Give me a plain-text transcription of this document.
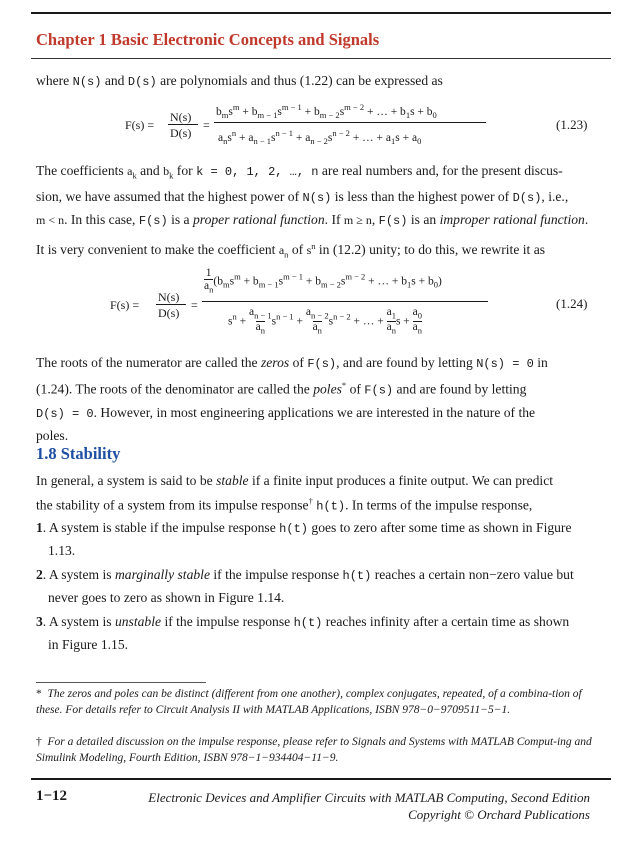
Chapter 1 Basic Electronic Concepts and Signals
where N(s) and D(s) are polynomials and thus (1.22) can be expressed as
F(s) =
N(s)
D(s)
=
$b_ms^m + b_{m - 1}s^{m - 1} + b_{m - 2}s^{m - 2}$ + … + $b_1s + b_0$
$a_ns^n + a_{n - 1}s^{n - 1} + a_{n - 2}s^{n - 2}$ + … + $a_1s + a_0$
(1.23)
The coefficients $a_k$ and $b_k$ for k = 0, 1, 2, …, n are real numbers and, for the present discus-
sion, we have assumed that the highest power of N(s) is less than the highest power of D(s), i.e.,
m < n. In this case, F(s) is a proper rational function. If m ≥ n, F(s) is an improper rational function.
It is very convenient to make the coefficient $a_n$ of $s^n$ in (12.2) unity; to do this, we rewrite it as
F(s) =
N(s)
D(s)
=
1
$a_n(b_ms^m + b_{m - 1}s^{m - 1} + b_{m - 2}s^{m - 2}$ + … + $b_1s + b_0$)
$s^n + a_{n - 1}$
$a_ns^{n - 1} + a_{n - 2}$
$a_ns^{n - 2}$ + … + $a_1$
$a_ns + a_0$
$a_n$
(1.24)
The roots of the numerator are called the zeros of F(s), and are found by letting N(s) = 0 in
(1.24). The roots of the denominator are called the poles* of F(s) and are found by letting
D(s) = 0. However, in most engineering applications we are interested in the nature of the
poles.
1.8 Stability
In general, a system is said to be stable if a finite input produces a finite output. We can predict
the stability of a system from its impulse response† h(t). In terms of the impulse response,
1. A system is stable if the impulse response h(t) goes to zero after some time as shown in Figure
1.13.
2. A system is marginally stable if the impulse response h(t) reaches a certain non−zero value but
never goes to zero as shown in Figure 1.14.
3. A system is unstable if the impulse response h(t) reaches infinity after a certain time as shown
in Figure 1.15.
* The zeros and poles can be distinct (different from one another), complex conjugates, repeated, of a combina-tion of these. For details refer to Circuit Analysis II with MATLAB Applications, ISBN 978−0−9709511−5−1.
† For a detailed discussion on the impulse response, please refer to Signals and Systems with MATLAB Comput-ing and Simulink Modeling, Fourth Edition, ISBN 978−1−934404−11−9.
1−12	Electronic Devices and Amplifier Circuits with MATLAB Computing, Second Edition
Copyright © Orchard Publications
